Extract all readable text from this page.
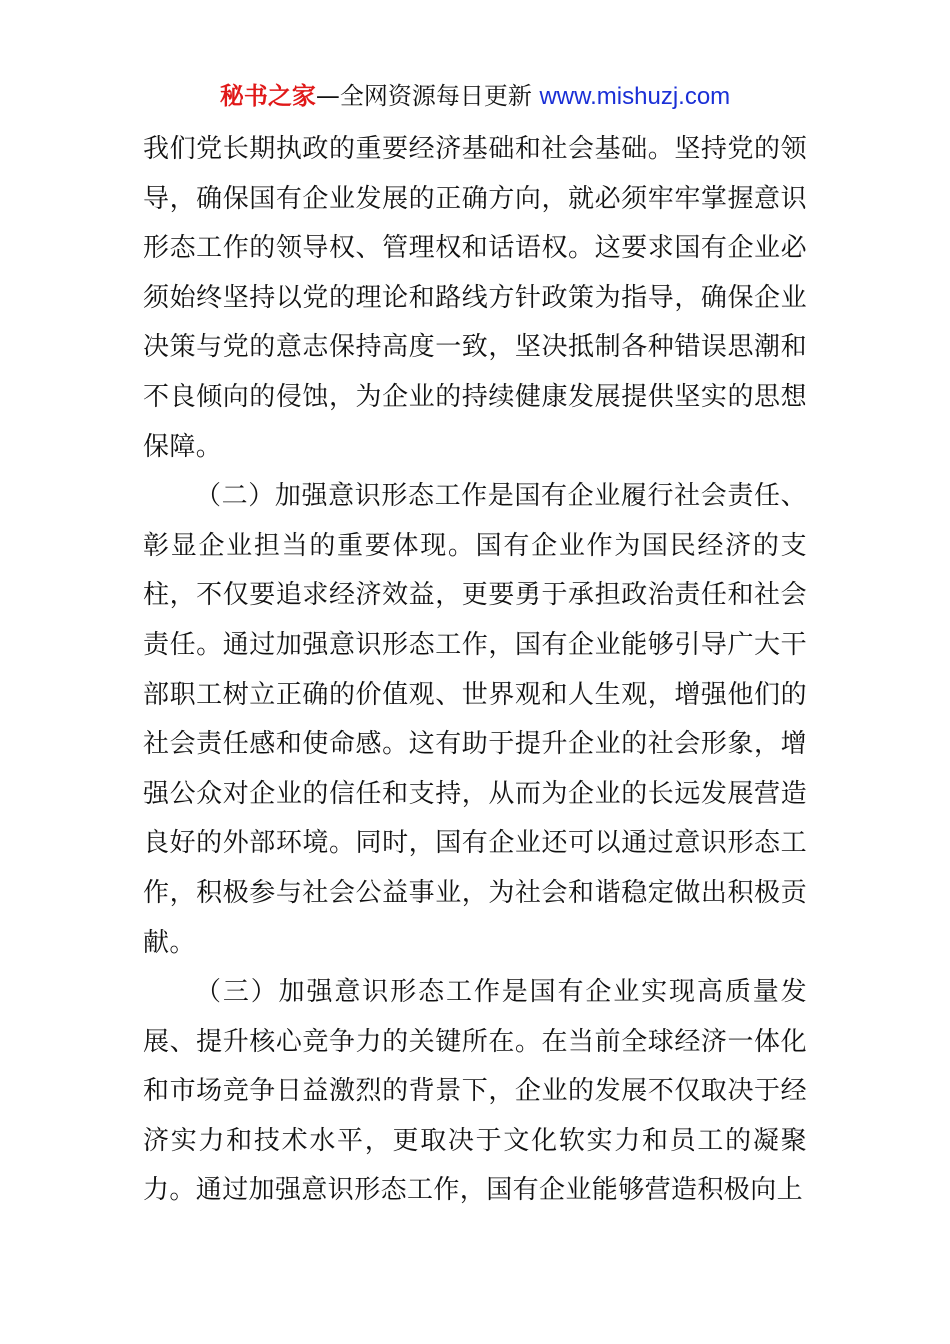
秘书之家—全网资源每日更新 www.mishuzj.com

我们党长期执政的重要经济基础和社会基础。坚持党的领导，确保国有企业发展的正确方向，就必须牢牢掌握意识形态工作的领导权、管理权和话语权。这要求国有企业必须始终坚持以党的理论和路线方针政策为指导，确保企业决策与党的意志保持高度一致，坚决抵制各种错误思潮和不良倾向的侵蚀，为企业的持续健康发展提供坚实的思想保障。

（二）加强意识形态工作是国有企业履行社会责任、彰显企业担当的重要体现。国有企业作为国民经济的支柱，不仅要追求经济效益，更要勇于承担政治责任和社会责任。通过加强意识形态工作，国有企业能够引导广大干部职工树立正确的价值观、世界观和人生观，增强他们的社会责任感和使命感。这有助于提升企业的社会形象，增强公众对企业的信任和支持，从而为企业的长远发展营造良好的外部环境。同时，国有企业还可以通过意识形态工作，积极参与社会公益事业，为社会和谐稳定做出积极贡献。

（三）加强意识形态工作是国有企业实现高质量发展、提升核心竞争力的关键所在。在当前全球经济一体化和市场竞争日益激烈的背景下，企业的发展不仅取决于经济实力和技术水平，更取决于文化软实力和员工的凝聚力。通过加强意识形态工作，国有企业能够营造积极向上
